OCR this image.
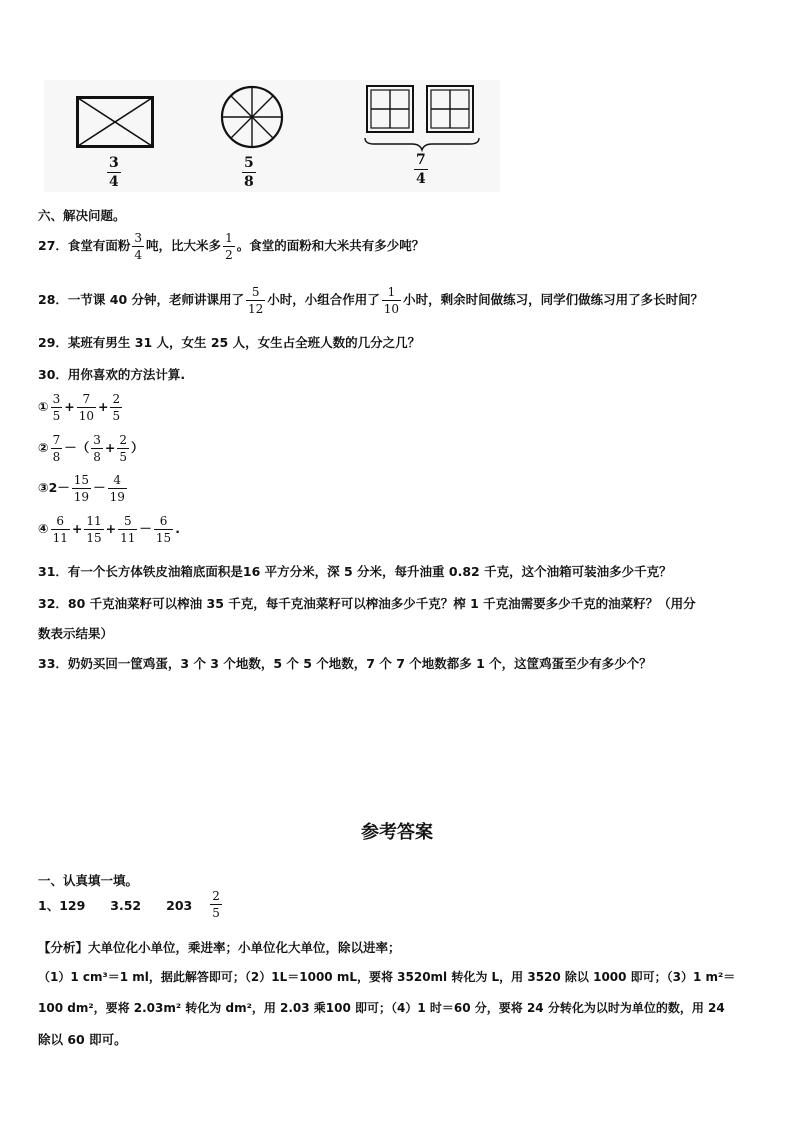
$\frac{3}{4}$	$\frac{5}{8}$	$\frac{7}{4}$
六、解决问题。
27．食堂有面粉 $\frac{3}{4}$ 吨，比大米多 $\frac{1}{2}$ 。食堂的面粉和大米共有多少吨？
28．一节课 40 分钟，老师讲课用了 $\frac{5}{12}$ 小时，小组合作用了 $\frac{1}{10}$ 小时，剩余时间做练习，同学们做练习用了多长时间？
29．某班有男生 31 人，女生 25 人，女生占全班人数的几分之几？
30．用你喜欢的方法计算.
① $\frac{3}{5} + \frac{7}{10} + \frac{2}{5}$
② $\frac{7}{8}$ －（ $\frac{3}{8} + \frac{2}{5}$ ）
③2－ $\frac{15}{19} - \frac{4}{19}$
④ $\frac{6}{11} + \frac{11}{15} + \frac{5}{11} - \frac{6}{15}$ .
31．有一个长方体铁皮油箱底面积是16 平方分米，深 5 分米，每升油重 0.82 千克，这个油箱可装油多少千克？
32．80 千克油菜籽可以榨油 35 千克，每千克油菜籽可以榨油多少千克？榨 1 千克油需要多少千克的油菜籽？（用分
数表示结果）
33．奶奶买回一筐鸡蛋，3 个 3 个地数，5 个 5 个地数，7 个 7 个地数都多 1 个，这筐鸡蛋至少有多少个？
参考答案
一、认真填一填。
1、129　　3.52　　$203 \frac{2}{5}$
【分析】大单位化小单位，乘进率；小单位化大单位，除以进率；
（1）1 cm³＝1 ml，据此解答即可；（2）1L＝1000 mL，要将 3520ml 转化为 L，用 3520 除以 1000 即可；（3）1 m²＝
100 dm²，要将 2.03m² 转化为 dm²，用 2.03 乘100 即可；（4）1 时＝60 分，要将 24 分转化为以时为单位的数，用 24
除以 60 即可。
